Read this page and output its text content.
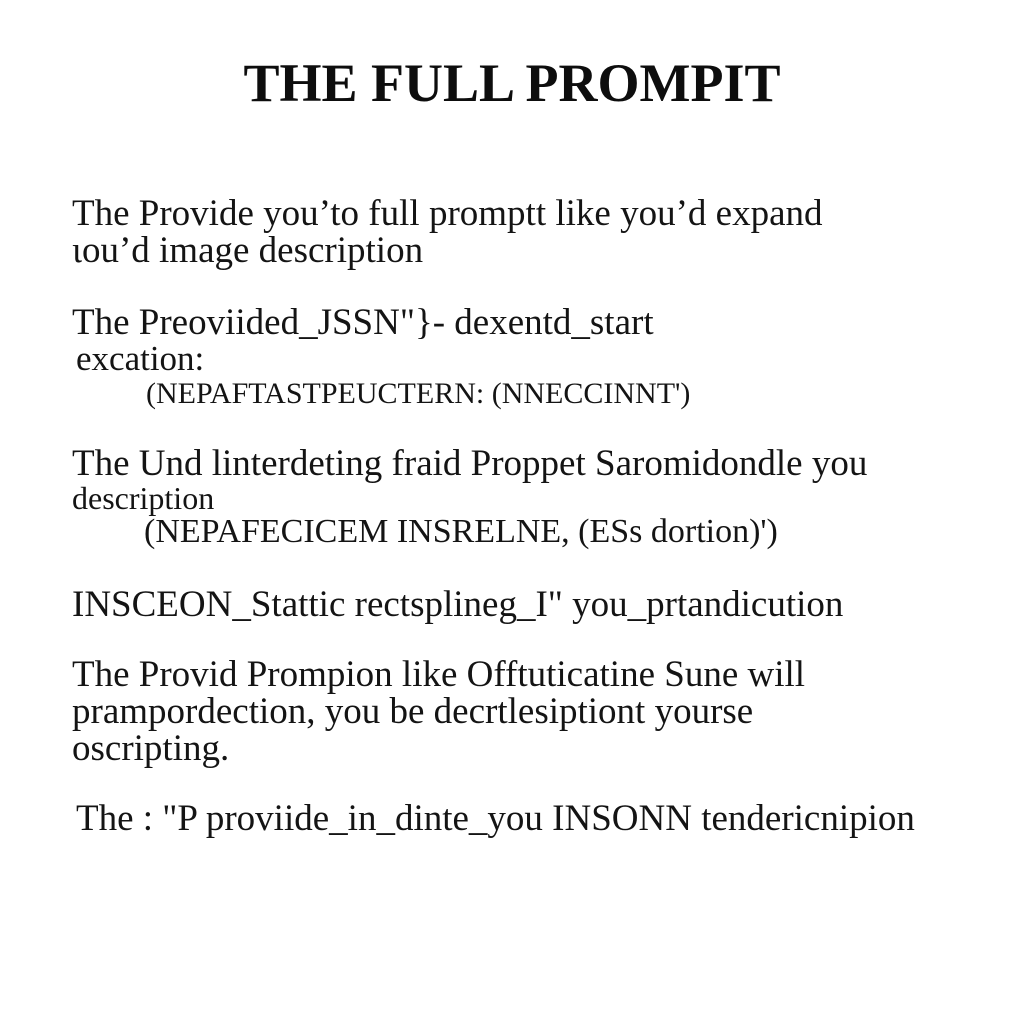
THE FULL PROMPIT

The Provide you’to full promptt like you’d expand

ιou’d image description

The Preoviided_JSSN"}- dexentd_start

excation:

(NEPAFTASTPEUCTERN: (NNECCINNT')

The Und linterdeting fraid Proppet Saromidondle you

description

(NEPAFECICEM INSRELNE, (ESs dortion)')

INSCEON_Stattic rectsplineg_I" you_prtandicution

The Provid Prompion like Offtuticatine Sune will

prampordection, you be decrtlesiptiont yourse

oscripting.

The : "P proviide_in_dinte_you INSONN tendericnipion
